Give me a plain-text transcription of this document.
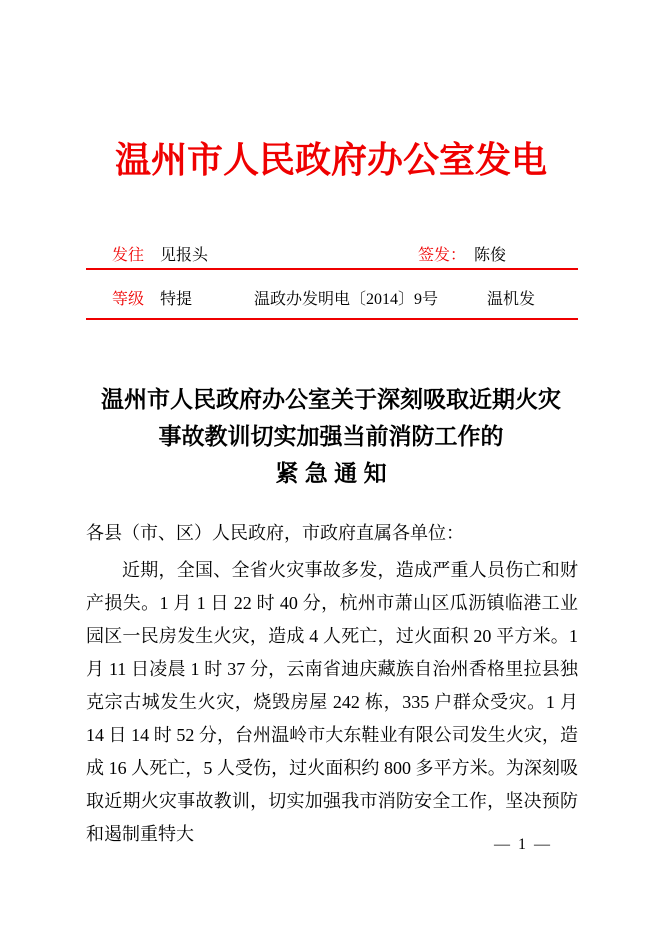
温州市人民政府办公室发电
发往 见报头	签发： 陈俊
等级 特提	温政办发明电〔2014〕9号	温机发
温州市人民政府办公室关于深刻吸取近期火灾
事故教训切实加强当前消防工作的
紧 急 通 知
各县（市、区）人民政府，市政府直属各单位：

近期，全国、全省火灾事故多发，造成严重人员伤亡和财产损失。1 月 1 日 22 时 40 分，杭州市萧山区瓜沥镇临港工业园区一民房发生火灾，造成 4 人死亡，过火面积 20 平方米。1 月 11 日凌晨 1 时 37 分，云南省迪庆藏族自治州香格里拉县独克宗古城发生火灾，烧毁房屋 242 栋，335 户群众受灾。1 月 14 日 14 时 52 分，台州温岭市大东鞋业有限公司发生火灾，造成 16 人死亡，5 人受伤，过火面积约 800 多平方米。为深刻吸取近期火灾事故教训，切实加强我市消防安全工作，坚决预防和遏制重特大

— 1 —
